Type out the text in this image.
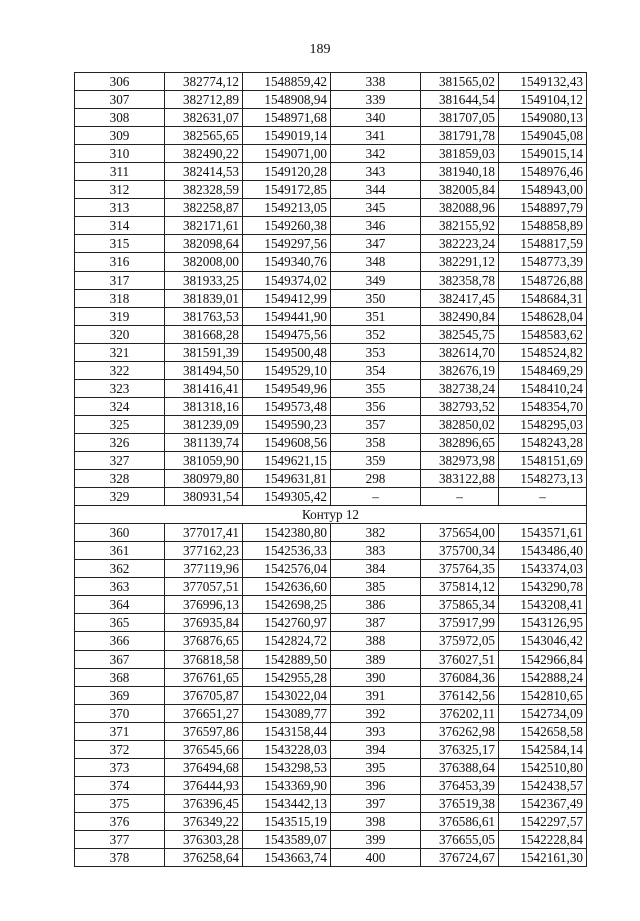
189
306	382774,12	1548859,42	338	381565,02	1549132,43
307	382712,89	1548908,94	339	381644,54	1549104,12
308	382631,07	1548971,68	340	381707,05	1549080,13
309	382565,65	1549019,14	341	381791,78	1549045,08
310	382490,22	1549071,00	342	381859,03	1549015,14
311	382414,53	1549120,28	343	381940,18	1548976,46
312	382328,59	1549172,85	344	382005,84	1548943,00
313	382258,87	1549213,05	345	382088,96	1548897,79
314	382171,61	1549260,38	346	382155,92	1548858,89
315	382098,64	1549297,56	347	382223,24	1548817,59
316	382008,00	1549340,76	348	382291,12	1548773,39
317	381933,25	1549374,02	349	382358,78	1548726,88
318	381839,01	1549412,99	350	382417,45	1548684,31
319	381763,53	1549441,90	351	382490,84	1548628,04
320	381668,28	1549475,56	352	382545,75	1548583,62
321	381591,39	1549500,48	353	382614,70	1548524,82
322	381494,50	1549529,10	354	382676,19	1548469,29
323	381416,41	1549549,96	355	382738,24	1548410,24
324	381318,16	1549573,48	356	382793,52	1548354,70
325	381239,09	1549590,23	357	382850,02	1548295,03
326	381139,74	1549608,56	358	382896,65	1548243,28
327	381059,90	1549621,15	359	382973,98	1548151,69
328	380979,80	1549631,81	298	383122,88	1548273,13
329	380931,54	1549305,42	–	–	–
Контур 12					
360	377017,41	1542380,80	382	375654,00	1543571,61
361	377162,23	1542536,33	383	375700,34	1543486,40
362	377119,96	1542576,04	384	375764,35	1543374,03
363	377057,51	1542636,60	385	375814,12	1543290,78
364	376996,13	1542698,25	386	375865,34	1543208,41
365	376935,84	1542760,97	387	375917,99	1543126,95
366	376876,65	1542824,72	388	375972,05	1543046,42
367	376818,58	1542889,50	389	376027,51	1542966,84
368	376761,65	1542955,28	390	376084,36	1542888,24
369	376705,87	1543022,04	391	376142,56	1542810,65
370	376651,27	1543089,77	392	376202,11	1542734,09
371	376597,86	1543158,44	393	376262,98	1542658,58
372	376545,66	1543228,03	394	376325,17	1542584,14
373	376494,68	1543298,53	395	376388,64	1542510,80
374	376444,93	1543369,90	396	376453,39	1542438,57
375	376396,45	1543442,13	397	376519,38	1542367,49
376	376349,22	1543515,19	398	376586,61	1542297,57
377	376303,28	1543589,07	399	376655,05	1542228,84
378	376258,64	1543663,74	400	376724,67	1542161,30
